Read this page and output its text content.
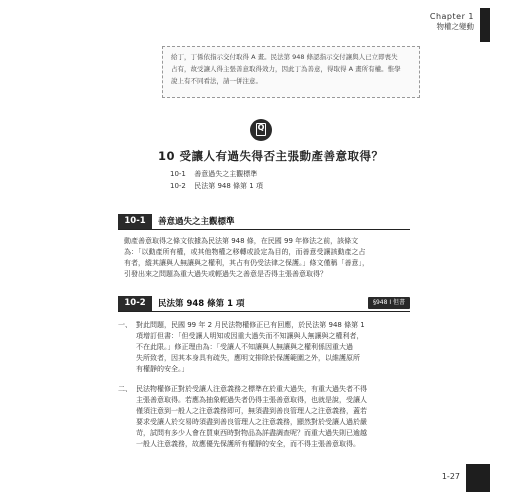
Chapter 1
物權之變動

給丁，丁係依指示交付取得 A 畫。民法第 948 條認指示交付讓與人已立即喪失

占有，故受讓人得主張善意取得效力，因此丁為善意，得取得 A 畫所有權。惟學

說上有不同看法，請一併注意。

Q
10 受讓人有過失得否主張動產善意取得？
10-1 善意過失之主觀標準
10-2 民法第 948 條第 1 項
10-1	善意過失之主觀標準

動產善意取得之條文依據為民法第 948 條，在民國 99 年修法之前，該條文

為：「以動產所有權，或其他物權之移轉或設定為目的，而善意受讓該動產之占

有者，縱其讓與人無讓與之權利，其占有仍受法律之保護。」條文僅稱「善意」，

引發出來之問題為重大過失或輕過失之善意是否得主張善意取得？

10-2	民法第 948 條第 1 項	§948 I 但書
一、 對此問題，民國 99 年 2 月民法物權修正已有回應，於民法第 948 條第 1

項增訂但書：「但受讓人明知或因重大過失而不知讓與人無讓與之權利者，

不在此限。」修正理由為：「受讓人不知讓與人無讓與之權利係因重大過

失所致者，因其本身具有疏失，應明文排除於保護範圍之外，以維護原所

有權靜的安全。」

二、 民法物權修正對於受讓人注意義務之標準在於重大過失，有重大過失者不得

主張善意取得。若應為抽象輕過失者仍得主張善意取得，也就是說，受讓人

僅須注意到一般人之注意義務即可，無須盡到善良管理人之注意義務，蓋若

要求受讓人於交易時須盡到善良管理人之注意義務，顯然對於受讓人過於嚴

苛，試問有多少人會在買東西時對物品為詳盡調查呢？而重大過失則已逾越

一般人注意義務，故應優先保護所有權靜的安全，而不得主張善意取得。

1-27
